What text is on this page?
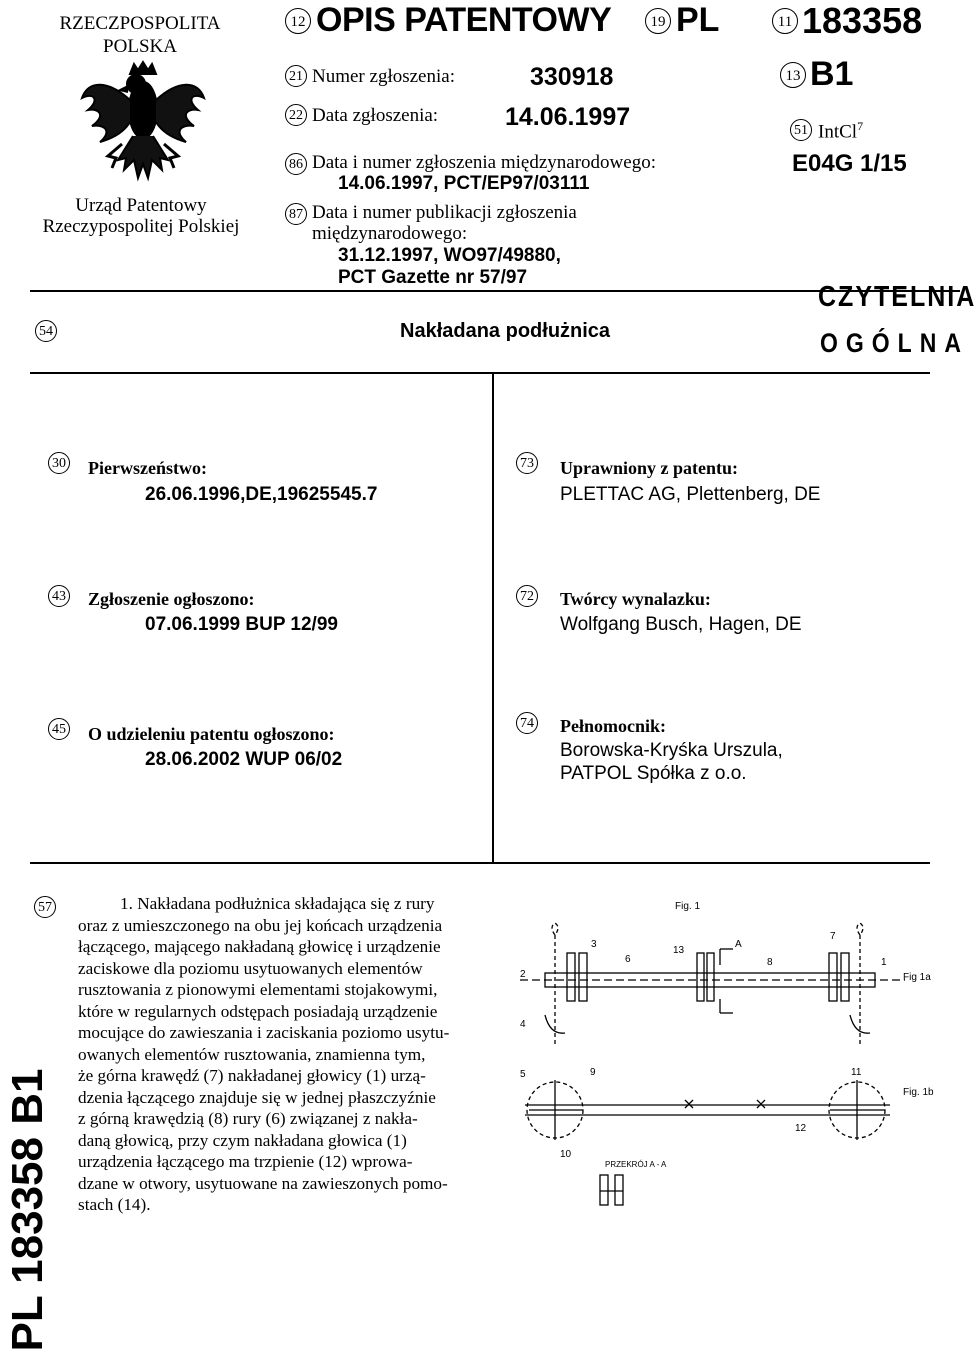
RZECZPOSPOLITA
POLSKA
Urząd Patentowy
Rzeczypospolitej Polskiej
12 OPIS PATENTOWY	19 PL
21 Numer zgłoszenia:	330918
22 Data zgłoszenia:	14.06.1997
86 Data i numer zgłoszenia międzynarodowego:
14.06.1997, PCT/EP97/03111
87 Data i numer publikacji zgłoszenia
międzynarodowego:
31.12.1997, WO97/49880,
PCT Gazette nr 57/97
11 183358
13 B1
51 IntCl$^7$
E04G 1/15
CZYTELNIA
OGÓLNA
54	Nakładana podłużnica
30 Pierwszeństwo:
26.06.1996,DE,19625545.7
73 Uprawniony z patentu:
PLETTAC AG, Plettenberg, DE
43 Zgłoszenie ogłoszono:
07.06.1999 BUP 12/99
72 Twórcy wynalazku:
Wolfgang Busch, Hagen, DE
45 O udzieleniu patentu ogłoszono:
28.06.2002 WUP 06/02
74 Pełnomocnik:
Borowska-Kryśka Urszula,
PATPOL Spółka z o.o.
57	1. Nakładana podłużnica składająca się z rury
oraz z umieszczonego na obu jej końcach urządzenia
łączącego, mającego nakładaną głowicę i urządzenie
zaciskowe dla poziomu usytuowanych elementów
rusztowania z pionowymi elementami stojakowymi,
które w regularnych odstępach posiadają urządzenie
mocujące do zawieszania i zaciskania poziomo usytu-
owanych elementów rusztowania, znamienna tym,
że górna krawędź (7) nakładanej głowicy (1) urzą-
dzenia łączącego znajduje się w jednej płaszczyźnie
z górną krawędzią (8) rury (6) związanej z nakła-
daną głowicą, przy czym nakładana głowica (1)
urządzenia łączącego ma trzpienie (12) wprowa-
dzane w otwory, usytuowane na zawieszonych pomo-
stach (14).
Fig. 1
Fig 1a
Fig. 1b
PRZEKRÓJ A - A
1
2
3
4
5
6
7
8
9
10
11
12
13
A
PL 183358 B1
